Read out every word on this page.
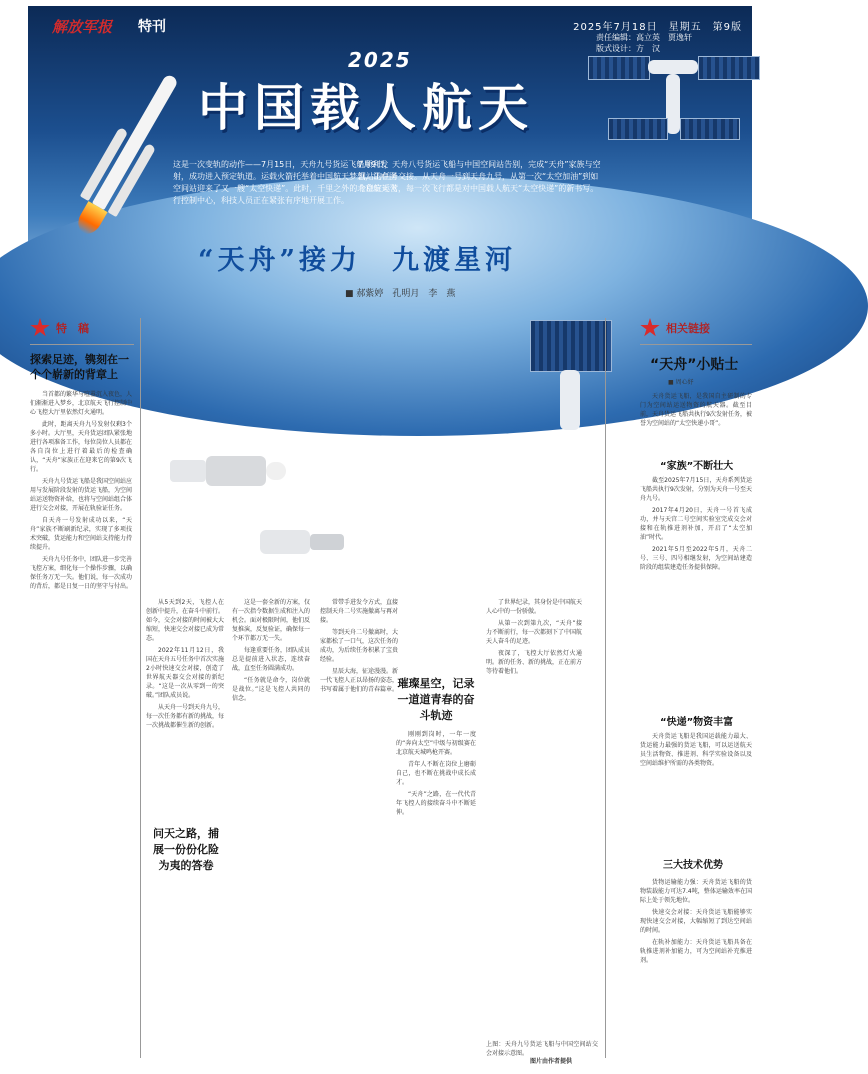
解放军报 特刊	2025年7月18日　星期五　第9版
责任编辑：高立英　贾逸轩
版式设计：方　汉
2025
中国载人航天
这是一次变轨的动作——7月15日，天舟九号货运飞船顺利发射，成功进入预定轨道。运载火箭托举着中国航天梦想，让中国空间站迎来了又一艘“太空快递”。此时，千里之外的北京航天飞行控制中心，科技人员正在紧张有序地开展工作。
7月9日，天舟八号货运飞船与中国空间站告别，完成“天舟”家族与空间站的任务交接。从天舟一号到天舟九号，从第一次“太空加油”到如今稳定运营，每一次飞行都是对中国载人航天“太空快递”的新书写。
“天舟”接力　九渡星河
■ 郝紫婷　孔明月　李　燕
特　稿
探索足迹，镌刻在一个个崭新的背章上

当首都的繁华与喧嚣沉入夜色，人们渐渐进入梦乡，北京航天飞行控制中心飞控大厅里依然灯火通明。

此时，距离天舟九号发射仅剩3个多小时。大厅里，天舟货运团队紧张地进行各项准备工作，每位岗位人员都在各自岗位上进行着最后的检查确认，“天舟”家族正在迎来它的第9次飞行。

天舟九号货运飞船是我国空间站应用与发展阶段发射的货运飞船，为空间站运送物资补给，也将与空间站组合体进行交会对接，开展在轨验证任务。

自天舟一号发射成功以来，“天舟”家族不断刷新纪录，实现了多项技术突破，货运能力和空间站支持能力持续提升。

天舟九号任务中，团队进一步完善飞控方案，细化每一个操作步骤，以确保任务万无一失。他们说，每一次成功的背后，都是日复一日的坚守与付出。

从5天到2天，飞控人在创新中提升，在奋斗中前行。如今，交会对接的时间被大大缩短，快速交会对接已成为常态。

2022年11月12日，我国在天舟五号任务中首次实施2小时快速交会对接，创造了世界航天器交会对接的新纪录。“这是一次从零到一的突破。”团队成员说。

从天舟一号到天舟九号，每一次任务都有新的挑战，每一次挑战都催生新的创新。

问天之路，捕展一份份化险为夷的答卷

这是一套全新的方案，仅有一次指令数据生成和注入的机会。面对极限时间，他们反复推演，反复验证，确保每一个环节都万无一失。

每逢重要任务，团队成员总是提前进入状态，连续奋战，直至任务圆满成功。

“任务就是命令，岗位就是战位。”这是飞控人共同的信念。

常带手进发令方式，直接控制天舟二号实施撤离与再对接。

等到天舟二号撤离时，大家都松了一口气，这次任务的成功，为后续任务积累了宝贵经验。

星辰大海，征途漫漫。新一代飞控人正以昂扬的姿态，书写着属于他们的青春篇章。 璀璨星空，记录一道道青春的奋斗轨迹

刚刚到岗时，一年一度的“奔向太空”中级与初级赛在北京航天城鸣枪开赛。

青年人不断在岗位上磨砺自己，也不断在挑战中成长成才。

“天舟”之路，在一代代青年飞控人的接续奋斗中不断延伸。

了世界纪录，其身份是中国航天人心中的一份骄傲。

从第一次到第九次，“天舟”接力不断前行，每一次都刻下了中国航天人奋斗的足迹。

夜深了，飞控大厅依然灯火通明。新的任务、新的挑战，正在前方等待着他们。

上图：天舟九号货运飞船与中国空间站交会对接示意图。
图片由作者提供
相关链接
“天舟”小贴士
■ 周心妤

天舟货运飞船，是我国自主研制的专门为空间站运送物资的航天器。截至目前，天舟货运飞船共执行9次发射任务，被誉为空间站的“太空快递小哥”。

“家族”不断壮大

截至2025年7月15日，天舟系列货运飞船共执行9次发射，分别为天舟一号至天舟九号。

2017年4月20日，天舟一号首飞成功，并与天宫二号空间实验室完成交会对接和在轨推进剂补加，开启了“太空加油”时代。

2021年5月至2022年5月，天舟二号、三号、四号相继发射，为空间站建造阶段的组装建造任务提供保障。

“快递”物资丰富

天舟货运飞船是我国运载能力最大、货运能力最强的货运飞船，可以运送航天员生活物资、推进剂、科学实验设备以及空间站维护所需的各类物资。

三大技术优势

货物运输能力强：天舟货运飞船的货物装载能力可达7.4吨，整体运输效率在国际上处于领先地位。

快速交会对接：天舟货运飞船能够实现快速交会对接，大幅缩短了到达空间站的时间。

在轨补加能力：天舟货运飞船具备在轨推进剂补加能力，可为空间站补充推进剂。
